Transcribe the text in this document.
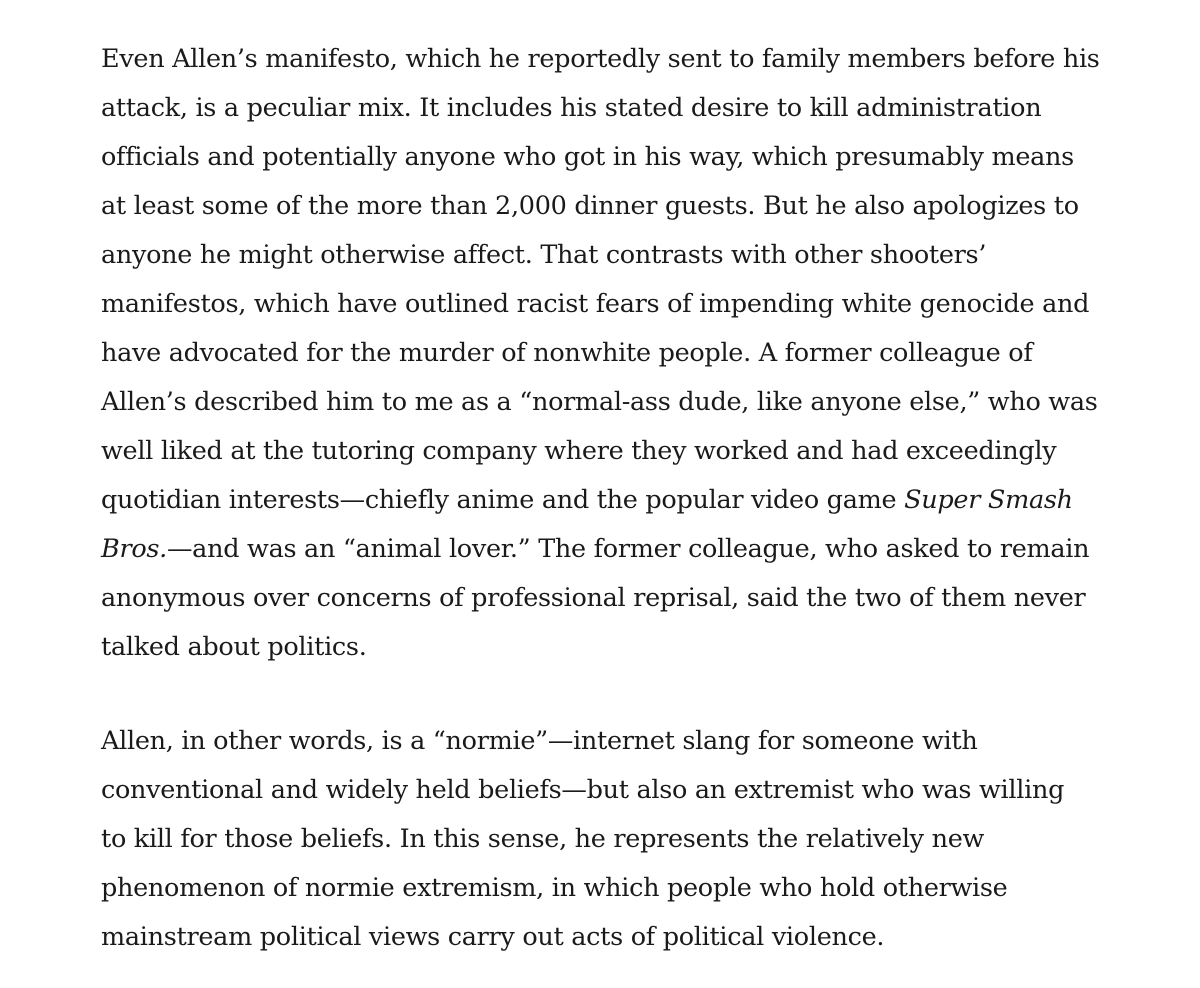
Even Allen’s manifesto, which he reportedly sent to family members before his
attack, is a peculiar mix. It includes his stated desire to kill administration
officials and potentially anyone who got in his way, which presumably means
at least some of the more than 2,000 dinner guests. But he also apologizes to
anyone he might otherwise affect. That contrasts with other shooters’
manifestos, which have outlined racist fears of impending white genocide and
have advocated for the murder of nonwhite people. A former colleague of
Allen’s described him to me as a “normal-ass dude, like anyone else,” who was
well liked at the tutoring company where they worked and had exceedingly
quotidian interests—chiefly anime and the popular video game Super Smash
Bros.—and was an “animal lover.” The former colleague, who asked to remain
anonymous over concerns of professional reprisal, said the two of them never
talked about politics.

Allen, in other words, is a “normie”—internet slang for someone with
conventional and widely held beliefs—but also an extremist who was willing
to kill for those beliefs. In this sense, he represents the relatively new
phenomenon of normie extremism, in which people who hold otherwise
mainstream political views carry out acts of political violence.
